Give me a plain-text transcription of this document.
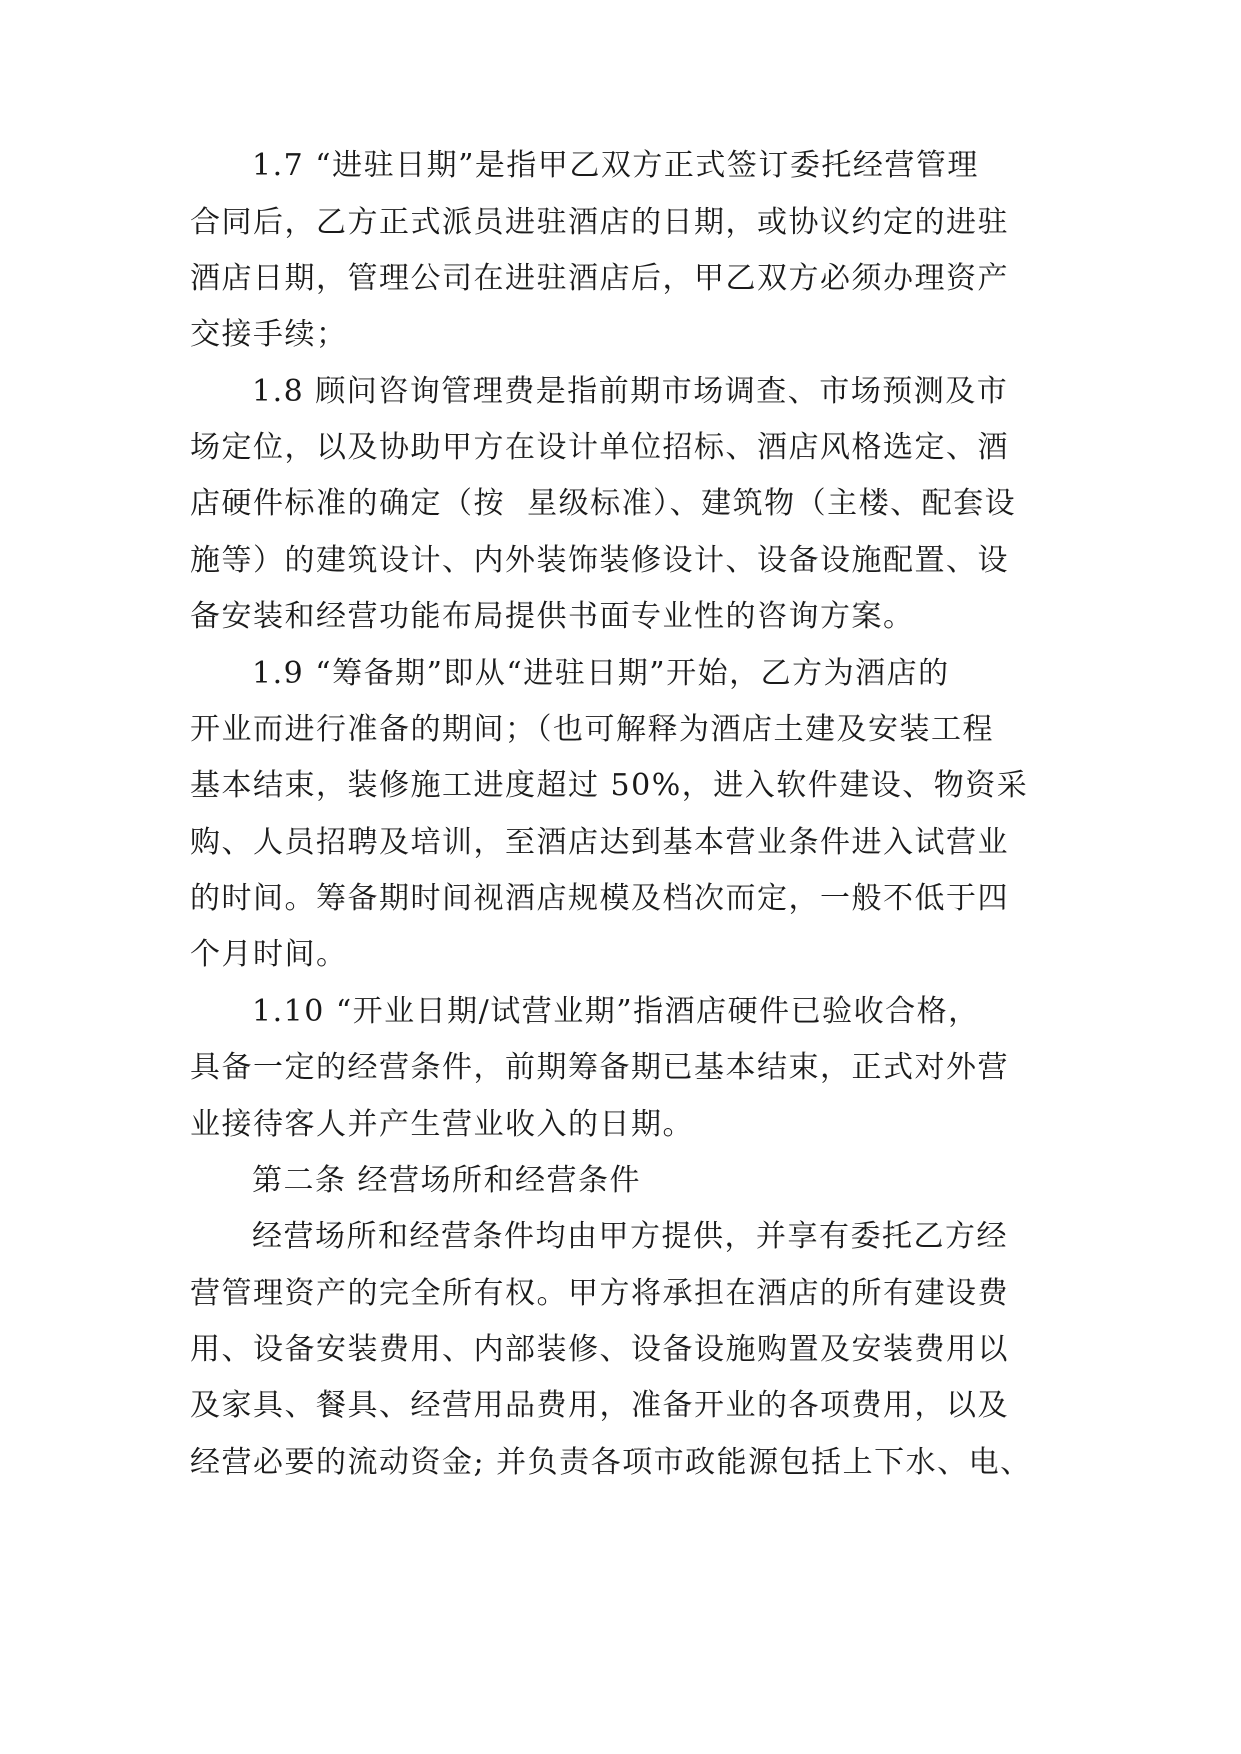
1.7 “进驻日期”是指甲乙双方正式签订委托经营管理
合同后，乙方正式派员进驻酒店的日期，或协议约定的进驻
酒店日期，管理公司在进驻酒店后，甲乙双方必须办理资产
交接手续；
1.8 顾问咨询管理费是指前期市场调查、市场预测及市
场定位，以及协助甲方在设计单位招标、酒店风格选定、酒
店硬件标准的确定（按  星级标准）、建筑物（主楼、配套设
施等）的建筑设计、内外装饰装修设计、设备设施配置、设
备安装和经营功能布局提供书面专业性的咨询方案。
1.9 “筹备期”即从“进驻日期”开始，乙方为酒店的
开业而进行准备的期间；（也可解释为酒店土建及安装工程
基本结束，装修施工进度超过 50%，进入软件建设、物资采
购、人员招聘及培训，至酒店达到基本营业条件进入试营业
的时间。筹备期时间视酒店规模及档次而定，一般不低于四
个月时间。
1.10 “开业日期/试营业期”指酒店硬件已验收合格，
具备一定的经营条件，前期筹备期已基本结束，正式对外营
业接待客人并产生营业收入的日期。
第二条 经营场所和经营条件
经营场所和经营条件均由甲方提供，并享有委托乙方经
营管理资产的完全所有权。甲方将承担在酒店的所有建设费
用、设备安装费用、内部装修、设备设施购置及安装费用以
及家具、餐具、经营用品费用，准备开业的各项费用，以及
经营必要的流动资金; 并负责各项市政能源包括上下水、电、
